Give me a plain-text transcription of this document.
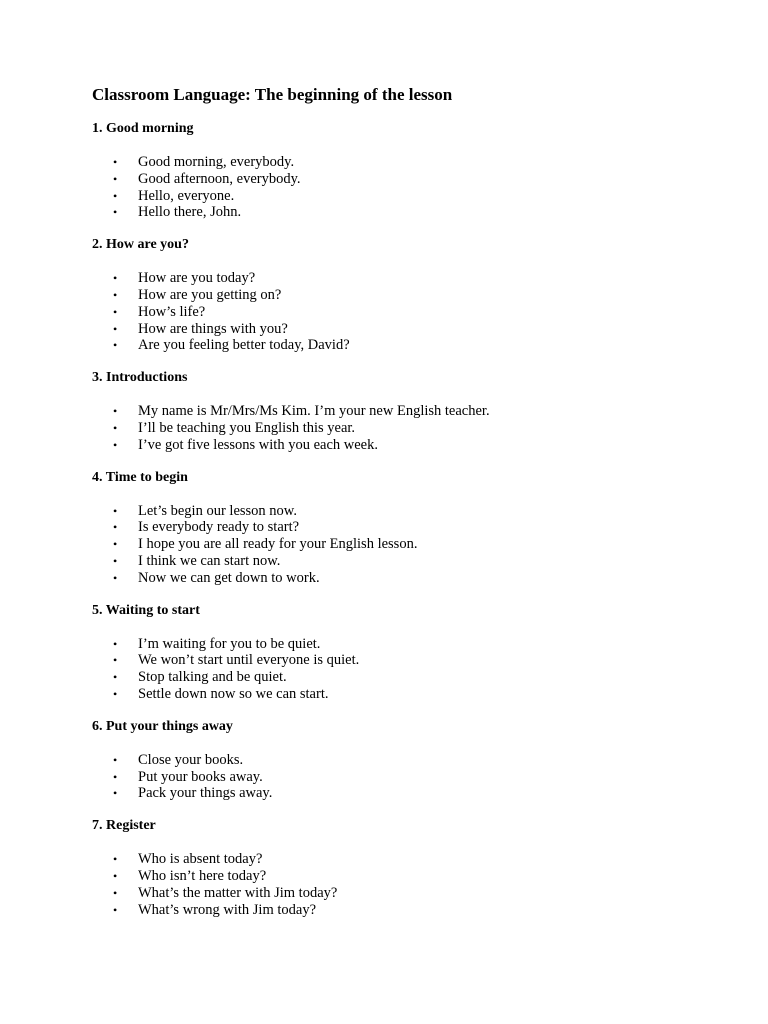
Classroom Language: The beginning of the lesson
1. Good morning
• Good morning, everybody.
• Good afternoon, everybody.
• Hello, everyone.
• Hello there, John.
2. How are you?
• How are you today?
• How are you getting on?
• How’s life?
• How are things with you?
• Are you feeling better today, David?
3. Introductions
• My name is Mr/Mrs/Ms Kim. I’m your new English teacher.
• I’ll be teaching you English this year.
• I’ve got five lessons with you each week.
4. Time to begin
• Let’s begin our lesson now.
• Is everybody ready to start?
• I hope you are all ready for your English lesson.
• I think we can start now.
• Now we can get down to work.
5. Waiting to start
• I’m waiting for you to be quiet.
• We won’t start until everyone is quiet.
• Stop talking and be quiet.
• Settle down now so we can start.
6. Put your things away
• Close your books.
• Put your books away.
• Pack your things away.
7. Register
• Who is absent today?
• Who isn’t here today?
• What’s the matter with Jim today?
• What’s wrong with Jim today?
